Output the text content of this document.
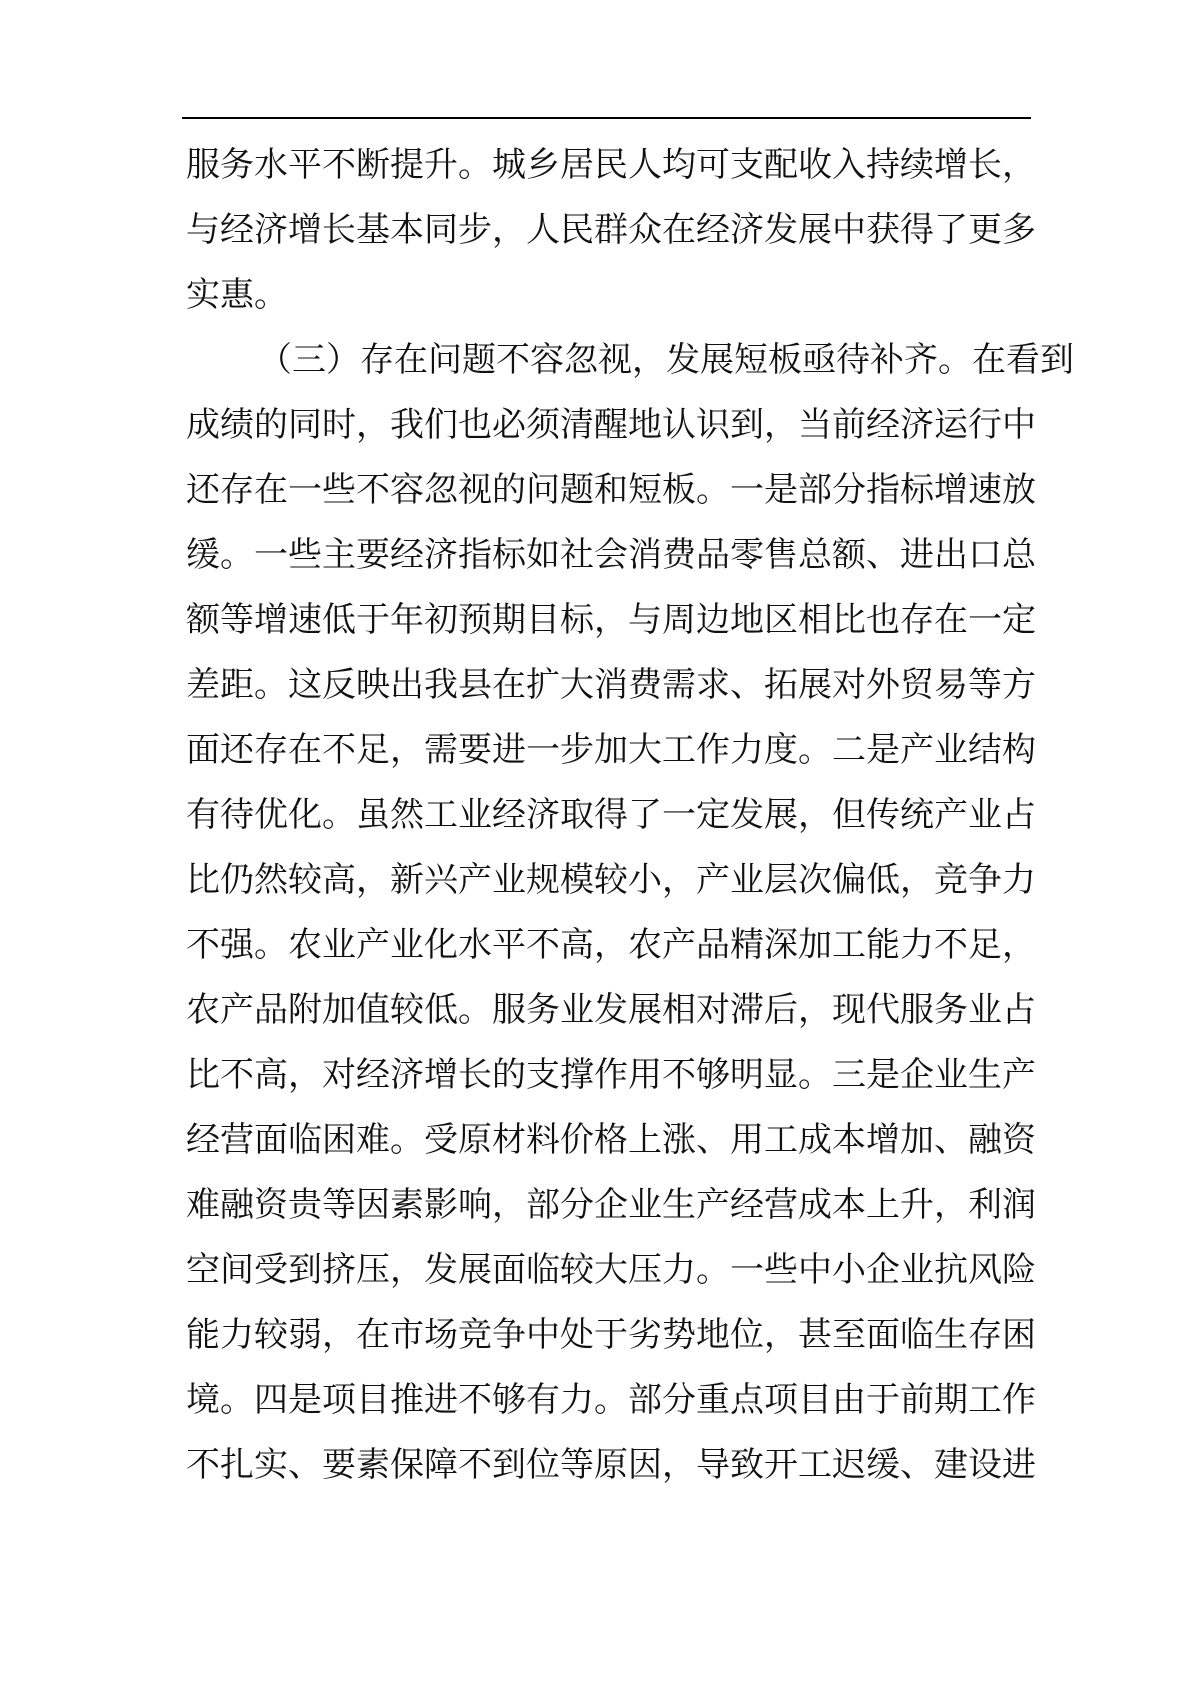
服务水平不断提升。城乡居民人均可支配收入持续增长，

与经济增长基本同步，人民群众在经济发展中获得了更多

实惠。

（三）存在问题不容忽视，发展短板亟待补齐。在看到

成绩的同时，我们也必须清醒地认识到，当前经济运行中

还存在一些不容忽视的问题和短板。一是部分指标增速放

缓。一些主要经济指标如社会消费品零售总额、进出口总

额等增速低于年初预期目标，与周边地区相比也存在一定

差距。这反映出我县在扩大消费需求、拓展对外贸易等方

面还存在不足，需要进一步加大工作力度。二是产业结构

有待优化。虽然工业经济取得了一定发展，但传统产业占

比仍然较高，新兴产业规模较小，产业层次偏低，竞争力

不强。农业产业化水平不高，农产品精深加工能力不足，

农产品附加值较低。服务业发展相对滞后，现代服务业占

比不高，对经济增长的支撑作用不够明显。三是企业生产

经营面临困难。受原材料价格上涨、用工成本增加、融资

难融资贵等因素影响，部分企业生产经营成本上升，利润

空间受到挤压，发展面临较大压力。一些中小企业抗风险

能力较弱，在市场竞争中处于劣势地位，甚至面临生存困

境。四是项目推进不够有力。部分重点项目由于前期工作

不扎实、要素保障不到位等原因，导致开工迟缓、建设进
